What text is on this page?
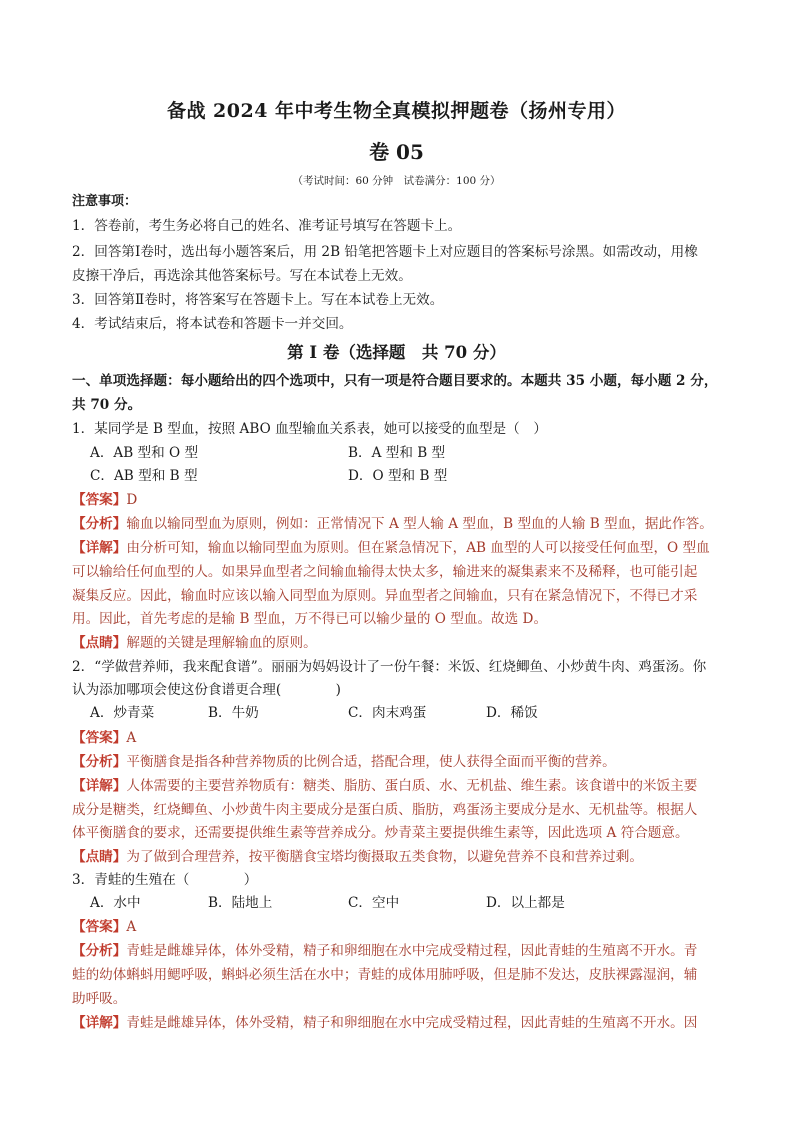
备战 2024 年中考生物全真模拟押题卷（扬州专用）
卷 05
（考试时间：60 分钟　试卷满分：100 分）
注意事项：
1．答卷前，考生务必将自己的姓名、准考证号填写在答题卡上。
2．回答第Ⅰ卷时，选出每小题答案后，用 2B 铅笔把答题卡上对应题目的答案标号涂黑。如需改动，用橡
皮擦干净后，再选涂其他答案标号。写在本试卷上无效。
3．回答第Ⅱ卷时，将答案写在答题卡上。写在本试卷上无效。
4．考试结束后，将本试卷和答题卡一并交回。
第 I 卷（选择题　共 70 分）
一、单项选择题：每小题给出的四个选项中，只有一项是符合题目要求的。本题共 35 小题，每小题 2 分，
共 70 分。
1．某同学是 B 型血，按照 ABO 血型输血关系表，她可以接受的血型是（　）
A．AB 型和 O 型	B．A 型和 B 型
C．AB 型和 B 型	D．O 型和 B 型
【答案】D
【分析】输血以输同型血为原则，例如：正常情况下 A 型人输 A 型血，B 型血的人输 B 型血，据此作答。
【详解】由分析可知，输血以输同型血为原则。但在紧急情况下，AB 血型的人可以接受任何血型，O 型血
可以输给任何血型的人。如果异血型者之间输血输得太快太多，输进来的凝集素来不及稀释，也可能引起
凝集反应。因此，输血时应该以输入同型血为原则。异血型者之间输血，只有在紧急情况下，不得已才采
用。因此，首先考虑的是输 B 型血，万不得已可以输少量的 O 型血。故选 D。
【点睛】解题的关键是理解输血的原则。
2．“学做营养师，我来配食谱”。丽丽为妈妈设计了一份午餐：米饭、红烧鲫鱼、小炒黄牛肉、鸡蛋汤。你
认为添加哪项会使这份食谱更合理(　　　　)
A．炒青菜	B．牛奶	C．肉末鸡蛋	D．稀饭
【答案】A
【分析】平衡膳食是指各种营养物质的比例合适，搭配合理，使人获得全面而平衡的营养。
【详解】人体需要的主要营养物质有：糖类、脂肪、蛋白质、水、无机盐、维生素。该食谱中的米饭主要
成分是糖类，红烧鲫鱼、小炒黄牛肉主要成分是蛋白质、脂肪，鸡蛋汤主要成分是水、无机盐等。根据人
体平衡膳食的要求，还需要提供维生素等营养成分。炒青菜主要提供维生素等，因此选项 A 符合题意。
【点睛】为了做到合理营养，按平衡膳食宝塔均衡摄取五类食物，以避免营养不良和营养过剩。
3．青蛙的生殖在（　　　　）
A．水中	B．陆地上	C．空中	D．以上都是
【答案】A
【分析】青蛙是雌雄异体，体外受精，精子和卵细胞在水中完成受精过程，因此青蛙的生殖离不开水。青
蛙的幼体蝌蚪用鳃呼吸，蝌蚪必须生活在水中；青蛙的成体用肺呼吸，但是肺不发达，皮肤裸露湿润，辅
助呼吸。
【详解】青蛙是雌雄异体，体外受精，精子和卵细胞在水中完成受精过程，因此青蛙的生殖离不开水。因
